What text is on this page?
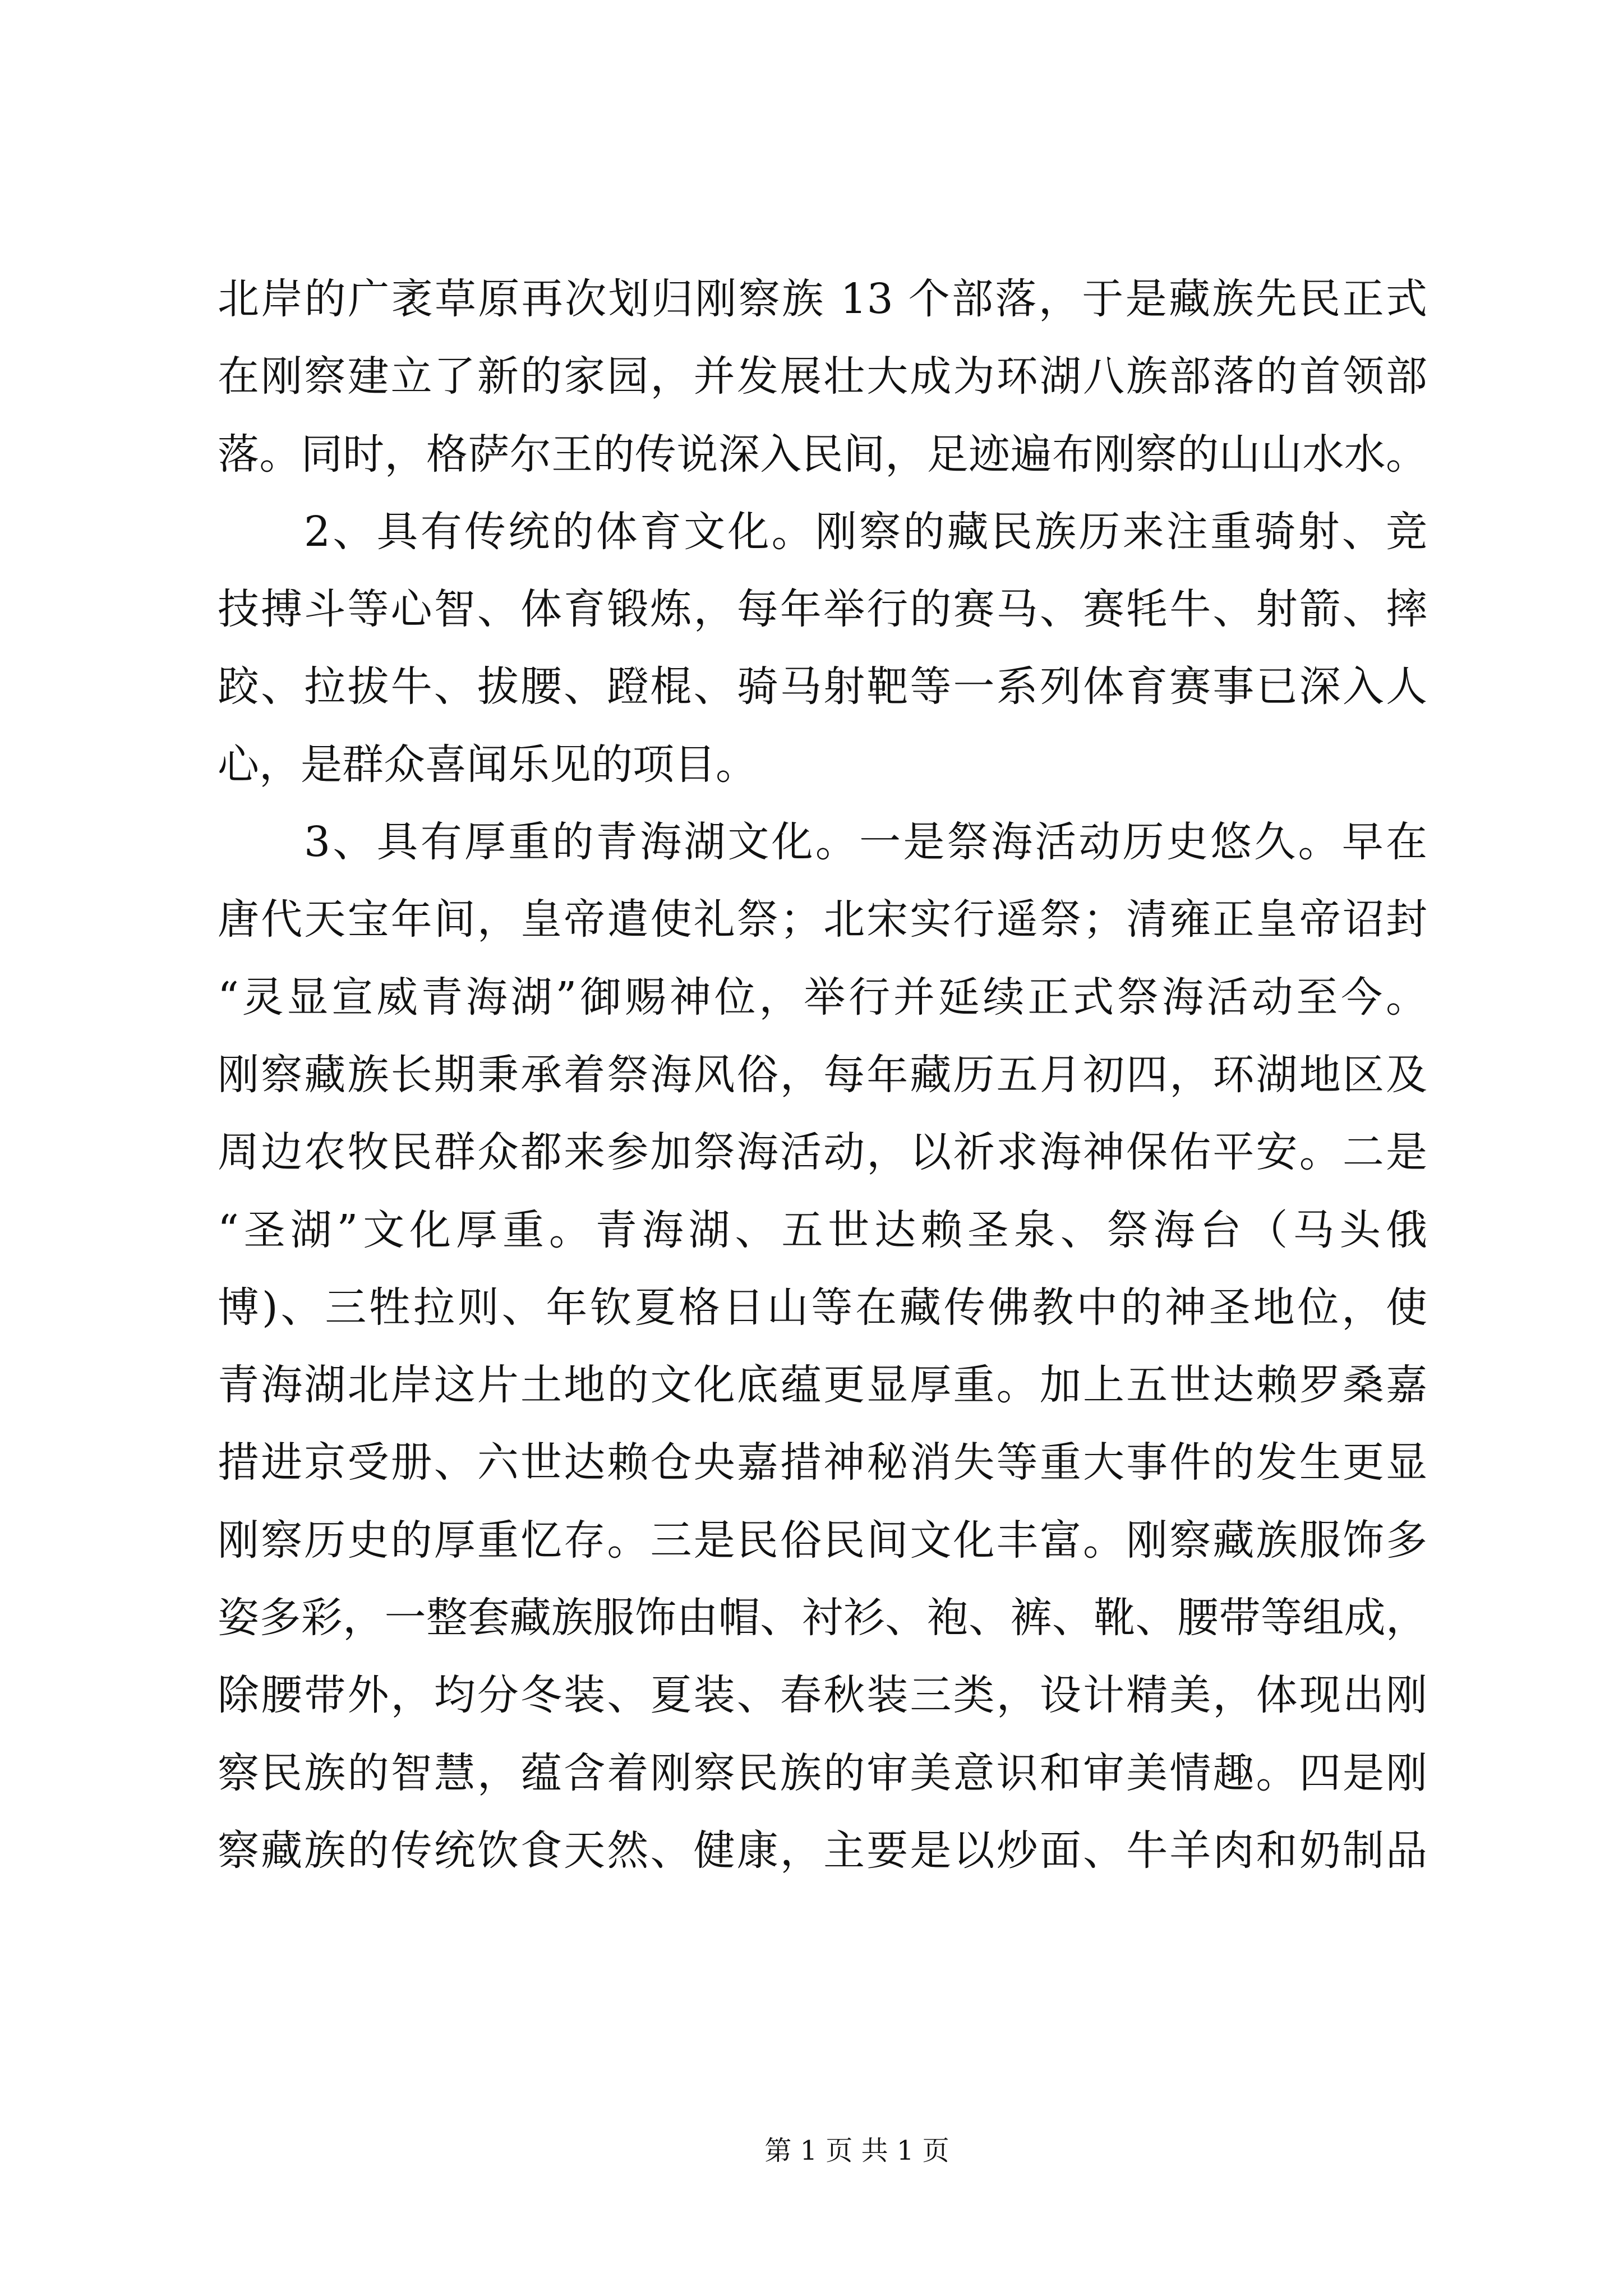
北岸的广袤草原再次划归刚察族 13 个部落，于是藏族先民正式
在刚察建立了新的家园，并发展壮大成为环湖八族部落的首领部
落。同时，格萨尔王的传说深入民间，足迹遍布刚察的山山水水。
2、具有传统的体育文化。刚察的藏民族历来注重骑射、竞
技搏斗等心智、体育锻炼，每年举行的赛马、赛牦牛、射箭、摔
跤、拉拔牛、拔腰、蹬棍、骑马射靶等一系列体育赛事已深入人
心，是群众喜闻乐见的项目。
3、具有厚重的青海湖文化。一是祭海活动历史悠久。早在
唐代天宝年间，皇帝遣使礼祭；北宋实行遥祭；清雍正皇帝诏封
“灵显宣威青海湖”御赐神位，举行并延续正式祭海活动至今。
刚察藏族长期秉承着祭海风俗，每年藏历五月初四，环湖地区及
周边农牧民群众都来参加祭海活动，以祈求海神保佑平安。二是
“圣湖”文化厚重。青海湖、五世达赖圣泉、祭海台（马头俄
博)、三牲拉则、年钦夏格日山等在藏传佛教中的神圣地位，使
青海湖北岸这片土地的文化底蕴更显厚重。加上五世达赖罗桑嘉
措进京受册、六世达赖仓央嘉措神秘消失等重大事件的发生更显
刚察历史的厚重忆存。三是民俗民间文化丰富。刚察藏族服饰多
姿多彩，一整套藏族服饰由帽、衬衫、袍、裤、靴、腰带等组成，
除腰带外，均分冬装、夏装、春秋装三类，设计精美，体现出刚
察民族的智慧，蕴含着刚察民族的审美意识和审美情趣。四是刚
察藏族的传统饮食天然、健康，主要是以炒面、牛羊肉和奶制品
第 1 页 共 1 页
